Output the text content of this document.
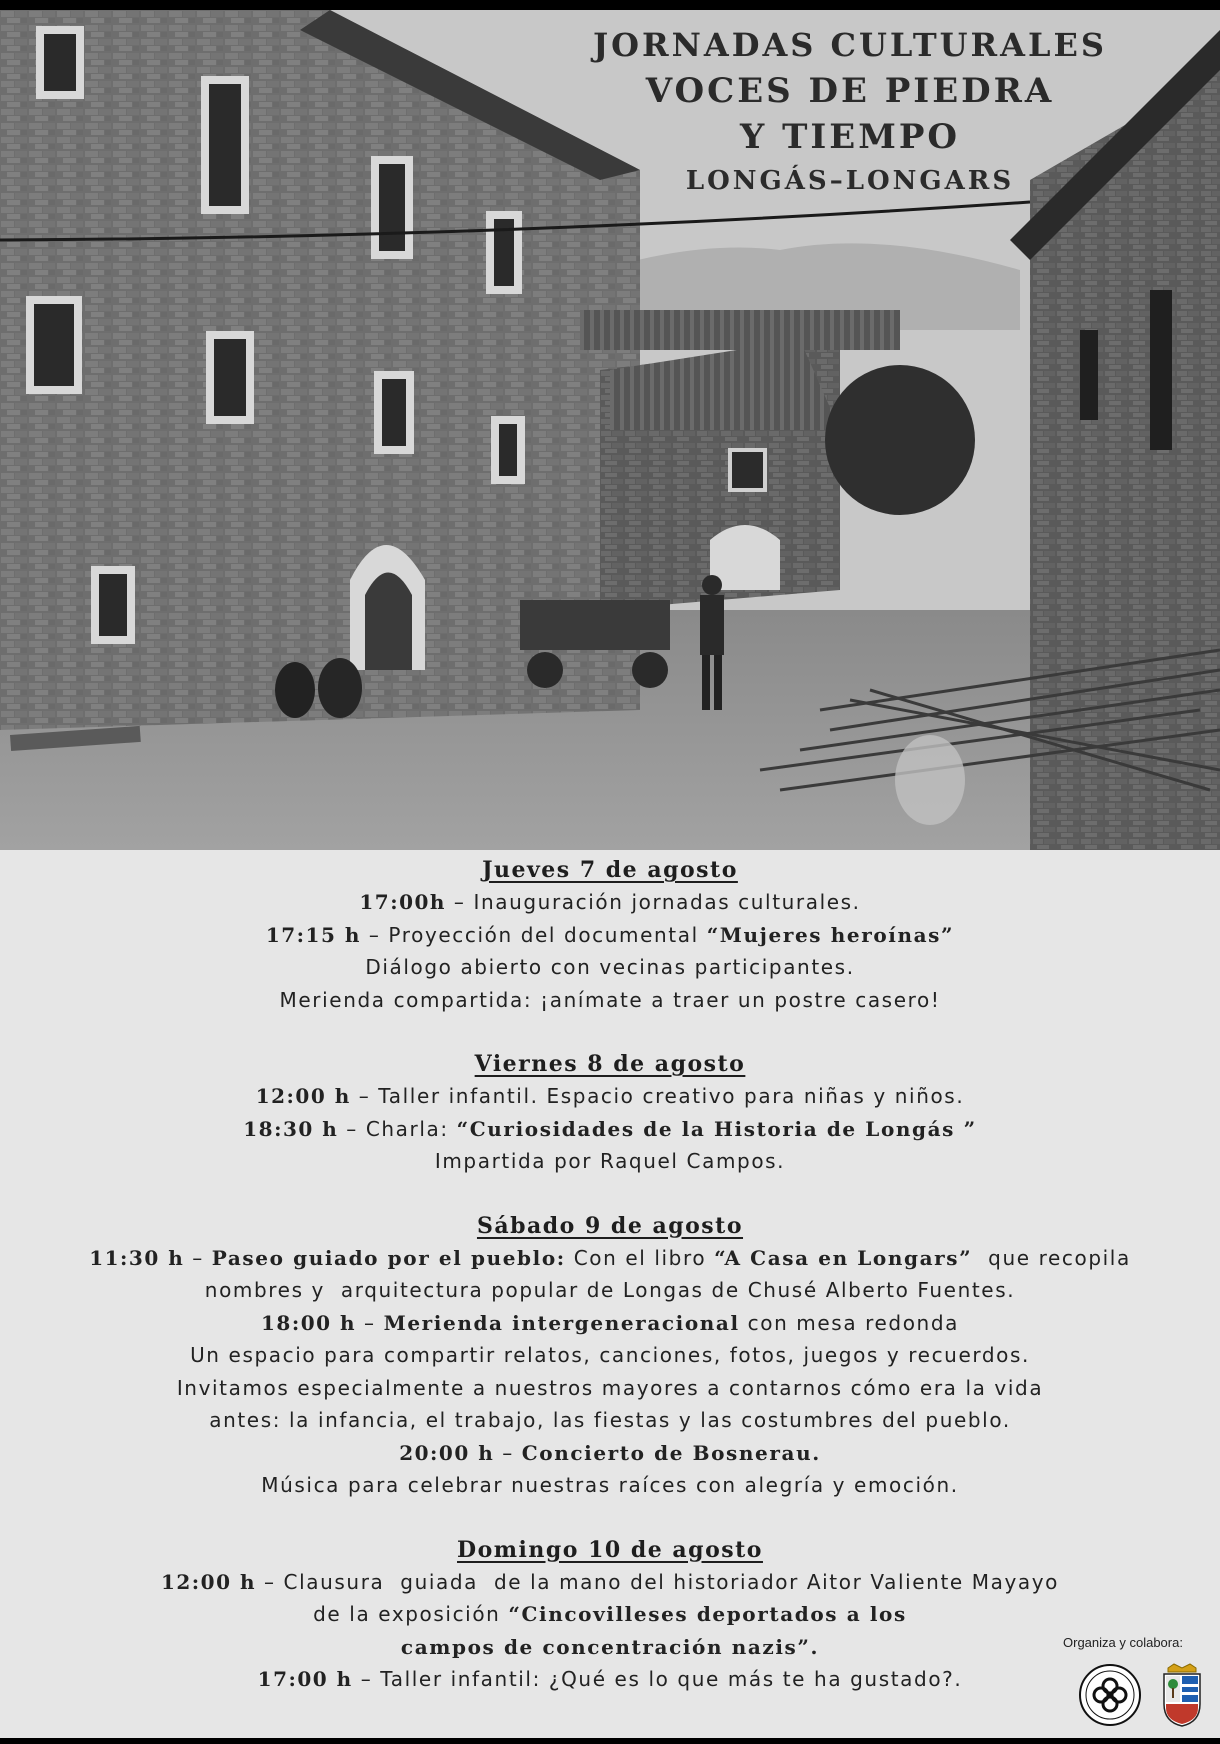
JORNADAS CULTURALES
VOCES DE PIEDRA
Y TIEMPO
LONGÁS–LONGARS
Jueves 7 de agosto
17:00h – Inauguración jornadas culturales.
17:15 h – Proyección del documental “Mujeres heroínas”
Diálogo abierto con vecinas participantes.
Merienda compartida: ¡anímate a traer un postre casero!
Viernes 8 de agosto
12:00 h – Taller infantil. Espacio creativo para niñas y niños.
18:30 h – Charla: “Curiosidades de la Historia de Longás ”
Impartida por Raquel Campos.
Sábado 9 de agosto
11:30 h – Paseo guiado por el pueblo: Con el libro “A Casa en Longars”  que recopila
nombres y  arquitectura popular de Longas de Chusé Alberto Fuentes.
18:00 h – Merienda intergeneracional con mesa redonda
Un espacio para compartir relatos, canciones, fotos, juegos y recuerdos.
Invitamos especialmente a nuestros mayores a contarnos cómo era la vida
antes: la infancia, el trabajo, las fiestas y las costumbres del pueblo.
20:00 h – Concierto de Bosnerau.
Música para celebrar nuestras raíces con alegría y emoción.
Domingo 10 de agosto
12:00 h – Clausura  guiada  de la mano del historiador Aitor Valiente Mayayo
de la exposición “Cincovilleses deportados a los
campos de concentración nazis”.
17:00 h – Taller infantil: ¿Qué es lo que más te ha gustado?.
Organiza y colabora:
